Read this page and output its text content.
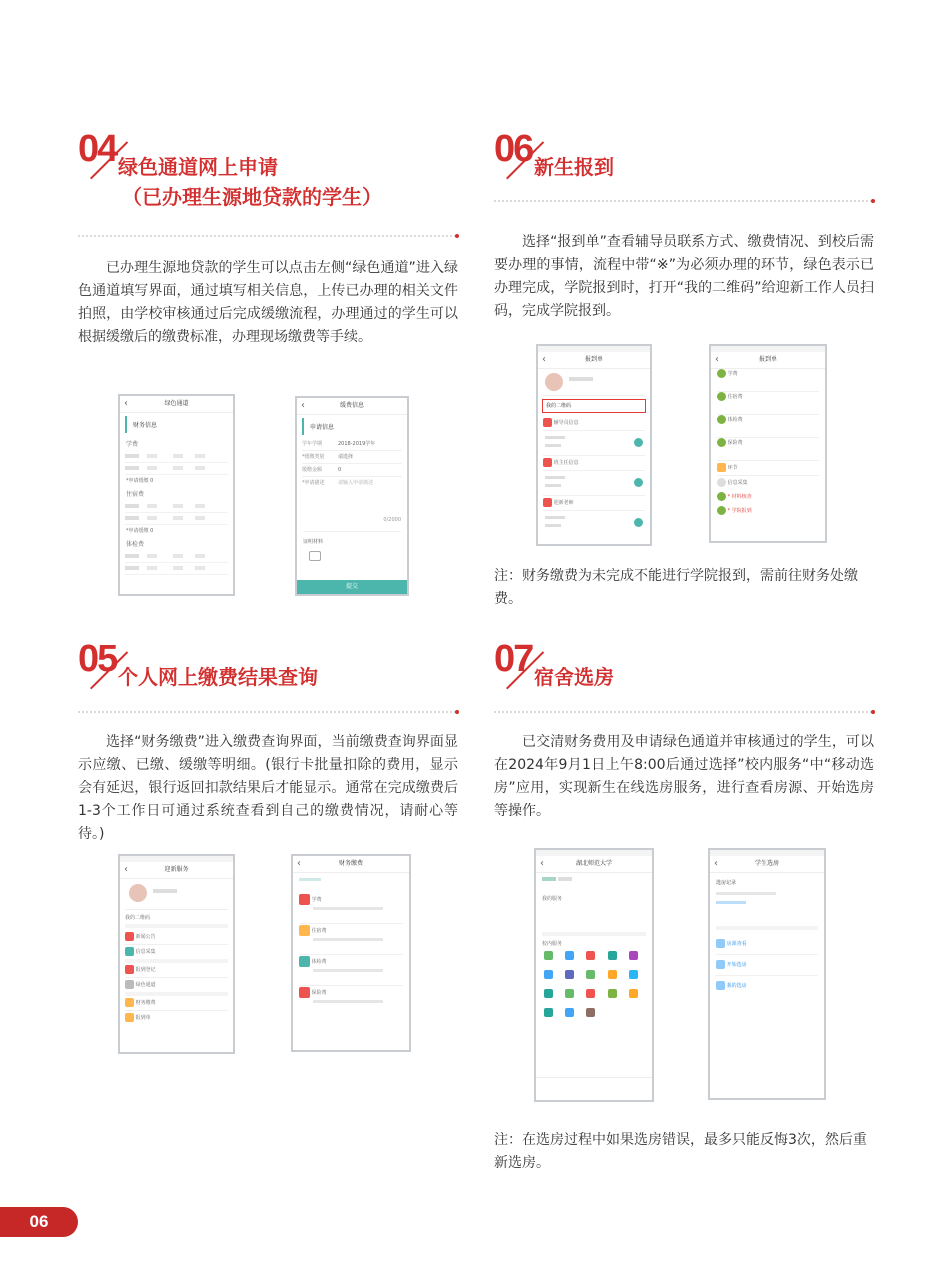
04 绿色通道网上申请
（已办理生源地贷款的学生）
已办理生源地贷款的学生可以点击左侧“绿色通道”进入绿色通道填写界面，通过填写相关信息，上传已办理的相关文件拍照，由学校审核通过后完成缓缴流程，办理通过的学生可以根据缓缴后的缴费标准，办理现场缴费等手续。
‹ 绿色通道
财务信息
学费
*申请缓缴 0
住宿费
*申请缓缴 0
体检费
‹ 缓费信息
申请信息
学年学期	2018-2019学年
*缓缴类别	请选择
缓缴金额	0
*申请描述	请输入申请描述
0/2000
证明材料
提交
06 新生报到
选择“报到单”查看辅导员联系方式、缴费情况、到校后需要办理的事情，流程中带“※”为必须办理的环节，绿色表示已办理完成，学院报到时，打开“我的二维码”给迎新工作人员扫码，完成学院报到。
‹ 报到单
我的二维码
辅导员信息
班主任信息
迎新老师
‹ 报到单
学费
住宿费
体检费
保险费
环节
信息采集
* 材料核查
* 学院报到
注：财务缴费为未完成不能进行学院报到，需前往财务处缴费。
05 个人网上缴费结果查询
选择“财务缴费”进入缴费查询界面，当前缴费查询界面显示应缴、已缴、缓缴等明细。(银行卡批量扣除的费用，显示会有延迟，银行返回扣款结果后才能显示。通常在完成缴费后1-3个工作日可通过系统查看到自己的缴费情况，请耐心等待。)
‹ 迎新服务
我的二维码
新闻公告
信息采集
报到登记
绿色通道
财务缴费
报到单
‹ 财务缴费
学费
住宿费
体检费
保险费
07 宿舍选房
已交清财务费用及申请绿色通道并审核通过的学生，可以在2024年9月1日上午8:00后通过选择”校内服务“中“移动选房”应用，实现新生在线选房服务，进行查看房源、开始选房等操作。
‹ 湖北师范大学

我的服务
校内服务
‹ 学生选房
选房记录
房源查看
开始选房
我的选房
注：在选房过程中如果选房错误，最多只能反悔3次，然后重新选房。
06
